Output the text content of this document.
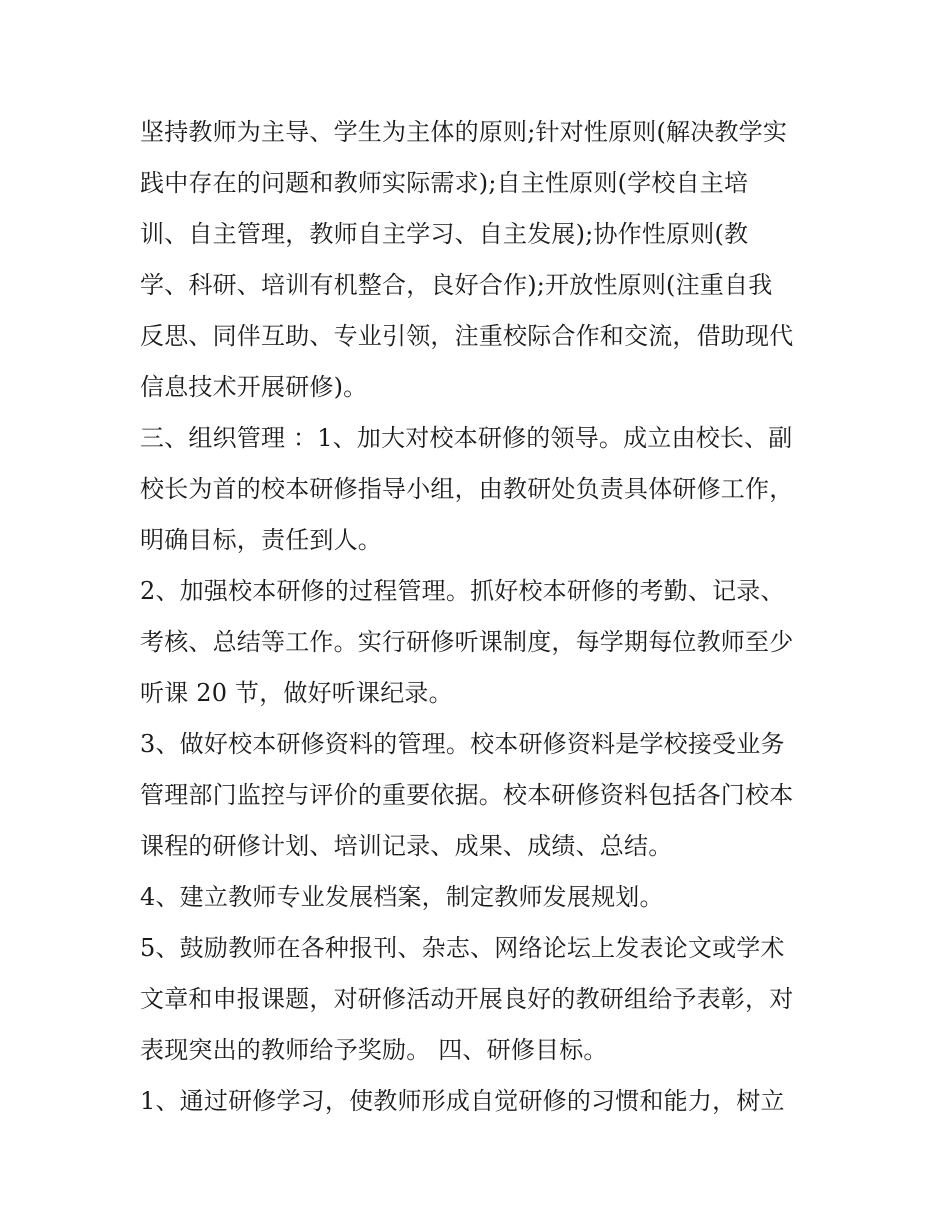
坚持教师为主导、学生为主体的原则;针对性原则(解决教学实
践中存在的问题和教师实际需求);自主性原则(学校自主培
训、自主管理，教师自主学习、自主发展);协作性原则(教
学、科研、培训有机整合，良好合作);开放性原则(注重自我
反思、同伴互助、专业引领，注重校际合作和交流，借助现代
信息技术开展研修)。
三、组织管理 ：1、加大对校本研修的领导。成立由校长、副
校长为首的校本研修指导小组，由教研处负责具体研修工作，
明确目标，责任到人。
2、加强校本研修的过程管理。抓好校本研修的考勤、记录、
考核、总结等工作。实行研修听课制度，每学期每位教师至少
听课 20 节，做好听课纪录。
3、做好校本研修资料的管理。校本研修资料是学校接受业务
管理部门监控与评价的重要依据。校本研修资料包括各门校本
课程的研修计划、培训记录、成果、成绩、总结。
4、建立教师专业发展档案，制定教师发展规划。
5、鼓励教师在各种报刊、杂志、网络论坛上发表论文或学术
文章和申报课题，对研修活动开展良好的教研组给予表彰，对
表现突出的教师给予奖励。 四、研修目标。
1、通过研修学习，使教师形成自觉研修的习惯和能力，树立
